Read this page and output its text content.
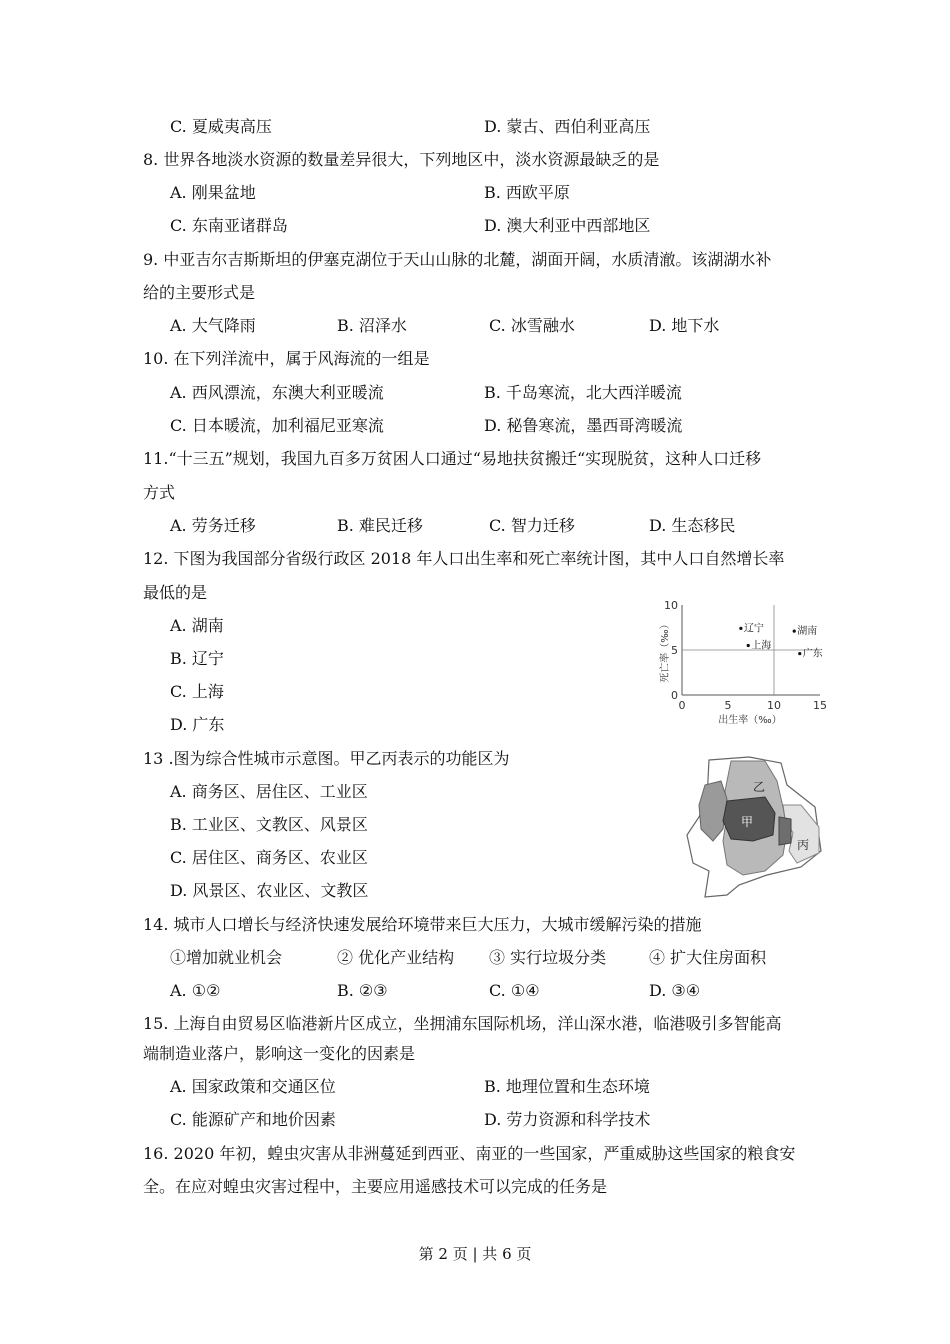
C. 夏威夷高压	D. 蒙古、西伯利亚高压
8. 世界各地淡水资源的数量差异很大，下列地区中，淡水资源最缺乏的是
A. 刚果盆地	B. 西欧平原
C. 东南亚诸群岛	D. 澳大利亚中西部地区
9. 中亚吉尔吉斯斯坦的伊塞克湖位于天山山脉的北麓，湖面开阔，水质清澈。该湖湖水补
给的主要形式是
A. 大气降雨	B. 沼泽水	C. 冰雪融水	D. 地下水
10. 在下列洋流中，属于风海流的一组是
A. 西风漂流，东澳大利亚暖流	B. 千岛寒流，北大西洋暖流
C. 日本暖流，加利福尼亚寒流	D. 秘鲁寒流，墨西哥湾暖流
11.“十三五”规划，我国九百多万贫困人口通过“易地扶贫搬迁“实现脱贫，这种人口迁移
方式
A. 劳务迁移	B. 难民迁移	C. 智力迁移	D. 生态移民
12. 下图为我国部分省级行政区 2018 年人口出生率和死亡率统计图，其中人口自然增长率
最低的是
A. 湖南
B. 辽宁
C. 上海
D. 广东
0	5	10	15
0
5
10
辽宁
上海
湖南
广东
出生率（‰）
死亡率（‰）
13 .图为综合性城市示意图。甲乙丙表示的功能区为
A. 商务区、居住区、工业区
B. 工业区、文教区、风景区
C. 居住区、商务区、农业区
D. 风景区、农业区、文教区
甲
乙
丙
14. 城市人口增长与经济快速发展给环境带来巨大压力，大城市缓解污染的措施
①增加就业机会	② 优化产业结构 ③ 实行垃圾分类	④ 扩大住房面积
A. ①②	B. ②③	C. ①④	D. ③④
15. 上海自由贸易区临港新片区成立，坐拥浦东国际机场，洋山深水港，临港吸引多智能高
端制造业落户，影响这一变化的因素是
A. 国家政策和交通区位	B. 地理位置和生态环境
C. 能源矿产和地价因素	D. 劳力资源和科学技术
16. 2020 年初，蝗虫灾害从非洲蔓延到西亚、南亚的一些国家，严重威胁这些国家的粮食安
全。在应对蝗虫灾害过程中，主要应用遥感技术可以完成的任务是
第 2 页 | 共 6 页
